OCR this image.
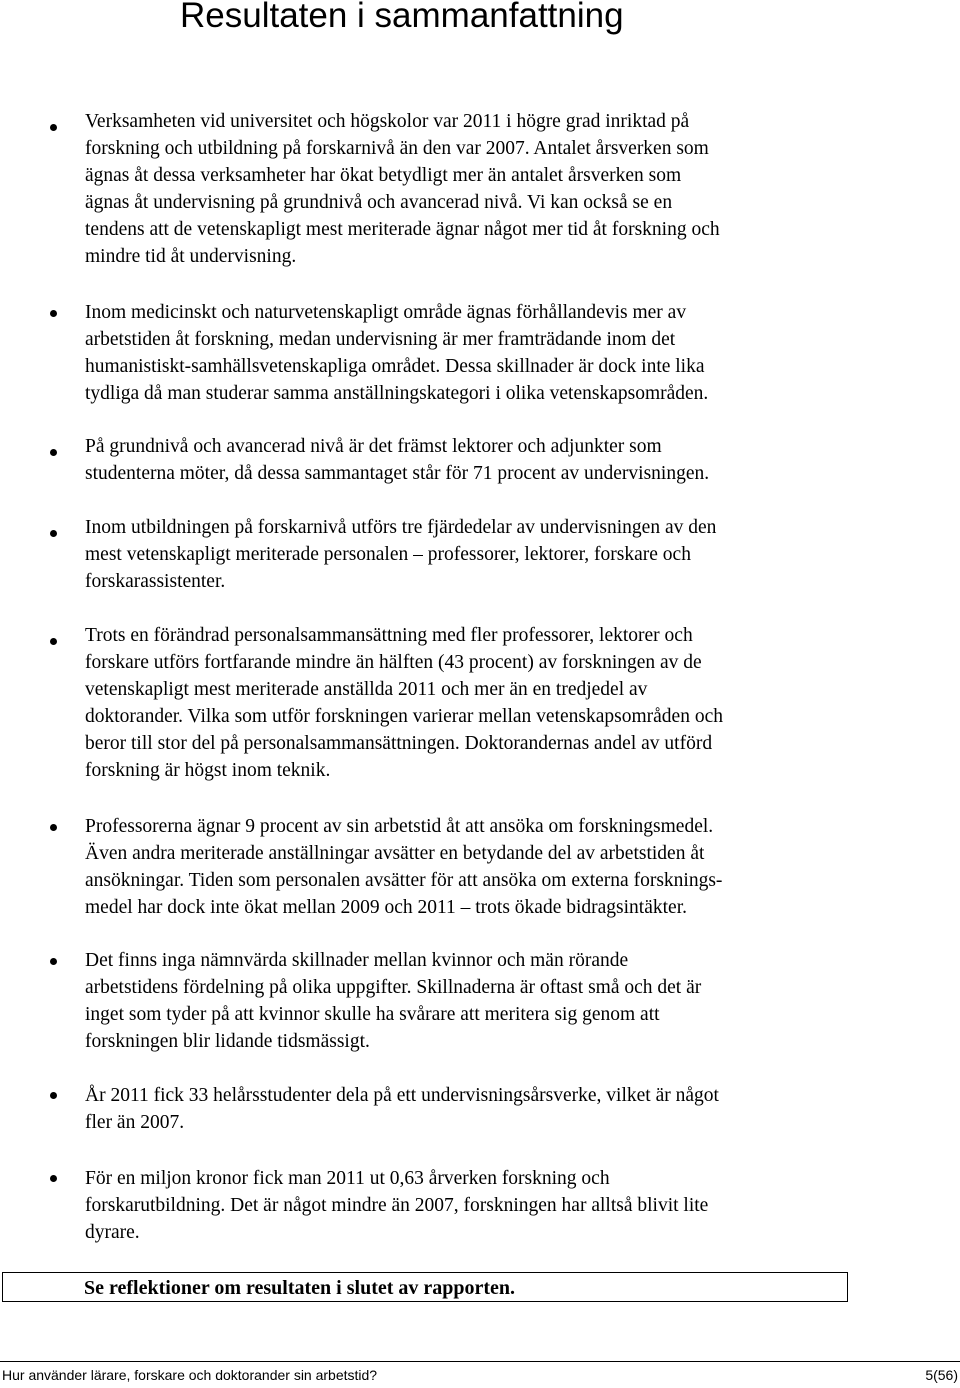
Resultaten i sammanfattning

Verksamheten vid universitet och högskolor var 2011 i högre grad inriktad på
forskning och utbildning på forskarnivå än den var 2007. Antalet årsverken som
ägnas åt dessa verksamheter har ökat betydligt mer än antalet årsverken som
ägnas åt undervisning på grundnivå och avancerad nivå. Vi kan också se en
tendens att de vetenskapligt mest meriterade ägnar något mer tid åt forskning och
mindre tid åt undervisning.

Inom medicinskt och naturvetenskapligt område ägnas förhållandevis mer av
arbetstiden åt forskning, medan undervisning är mer framträdande inom det
humanistiskt-samhällsvetenskapliga området. Dessa skillnader är dock inte lika
tydliga då man studerar samma anställningskategori i olika vetenskapsområden.

På grundnivå och avancerad nivå är det främst lektorer och adjunkter som
studenterna möter, då dessa sammantaget står för 71 procent av undervisningen.

Inom utbildningen på forskarnivå utförs tre fjärdedelar av undervisningen av den
mest vetenskapligt meriterade personalen – professorer, lektorer, forskare och
forskarassistenter.

Trots en förändrad personalsammansättning med fler professorer, lektorer och
forskare utförs fortfarande mindre än hälften (43 procent) av forskningen av de
vetenskapligt mest meriterade anställda 2011 och mer än en tredjedel av
doktorander. Vilka som utför forskningen varierar mellan vetenskapsområden och
beror till stor del på personalsammansättningen. Doktorandernas andel av utförd
forskning är högst inom teknik.

Professorerna ägnar 9 procent av sin arbetstid åt att ansöka om forskningsmedel.
Även andra meriterade anställningar avsätter en betydande del av arbetstiden åt
ansökningar. Tiden som personalen avsätter för att ansöka om externa forsknings-
medel har dock inte ökat mellan 2009 och 2011 – trots ökade bidragsintäkter.

Det finns inga nämnvärda skillnader mellan kvinnor och män rörande
arbetstidens fördelning på olika uppgifter. Skillnaderna är oftast små och det är
inget som tyder på att kvinnor skulle ha svårare att meritera sig genom att
forskningen blir lidande tidsmässigt.

År 2011 fick 33 helårsstudenter dela på ett undervisningsårsverke, vilket är något
fler än 2007.

För en miljon kronor fick man 2011 ut 0,63 årverken forskning och
forskarutbildning. Det är något mindre än 2007, forskningen har alltså blivit lite
dyrare.

Se reflektioner om resultaten i slutet av rapporten.

Hur använder lärare, forskare och doktorander sin arbetstid?	5(56)
